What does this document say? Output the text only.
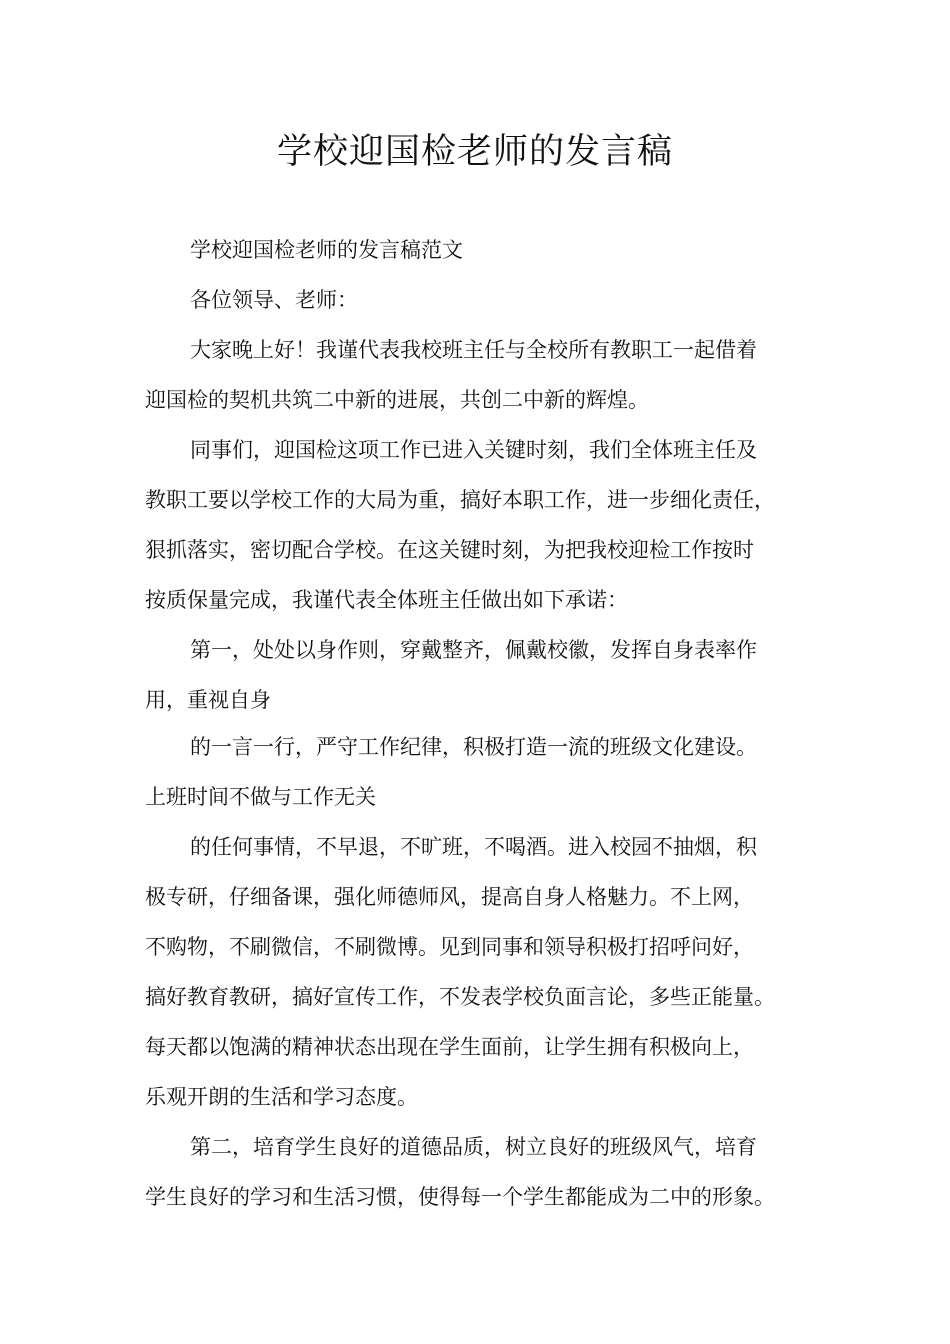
学校迎国检老师的发言稿
学校迎国检老师的发言稿范文
各位领导、老师：
大家晚上好！我谨代表我校班主任与全校所有教职工一起借着
迎国检的契机共筑二中新的进展，共创二中新的辉煌。
同事们，迎国检这项工作已进入关键时刻，我们全体班主任及
教职工要以学校工作的大局为重，搞好本职工作，进一步细化责任，
狠抓落实，密切配合学校。在这关键时刻，为把我校迎检工作按时
按质保量完成，我谨代表全体班主任做出如下承诺：
第一，处处以身作则，穿戴整齐，佩戴校徽，发挥自身表率作
用，重视自身
的一言一行，严守工作纪律，积极打造一流的班级文化建设。
上班时间不做与工作无关
的任何事情，不早退，不旷班，不喝酒。进入校园不抽烟，积
极专研，仔细备课，强化师德师风，提高自身人格魅力。不上网，
不购物，不刷微信，不刷微博。见到同事和领导积极打招呼问好，
搞好教育教研，搞好宣传工作，不发表学校负面言论，多些正能量。
每天都以饱满的精神状态出现在学生面前，让学生拥有积极向上，
乐观开朗的生活和学习态度。
第二，培育学生良好的道德品质，树立良好的班级风气，培育
学生良好的学习和生活习惯，使得每一个学生都能成为二中的形象。
